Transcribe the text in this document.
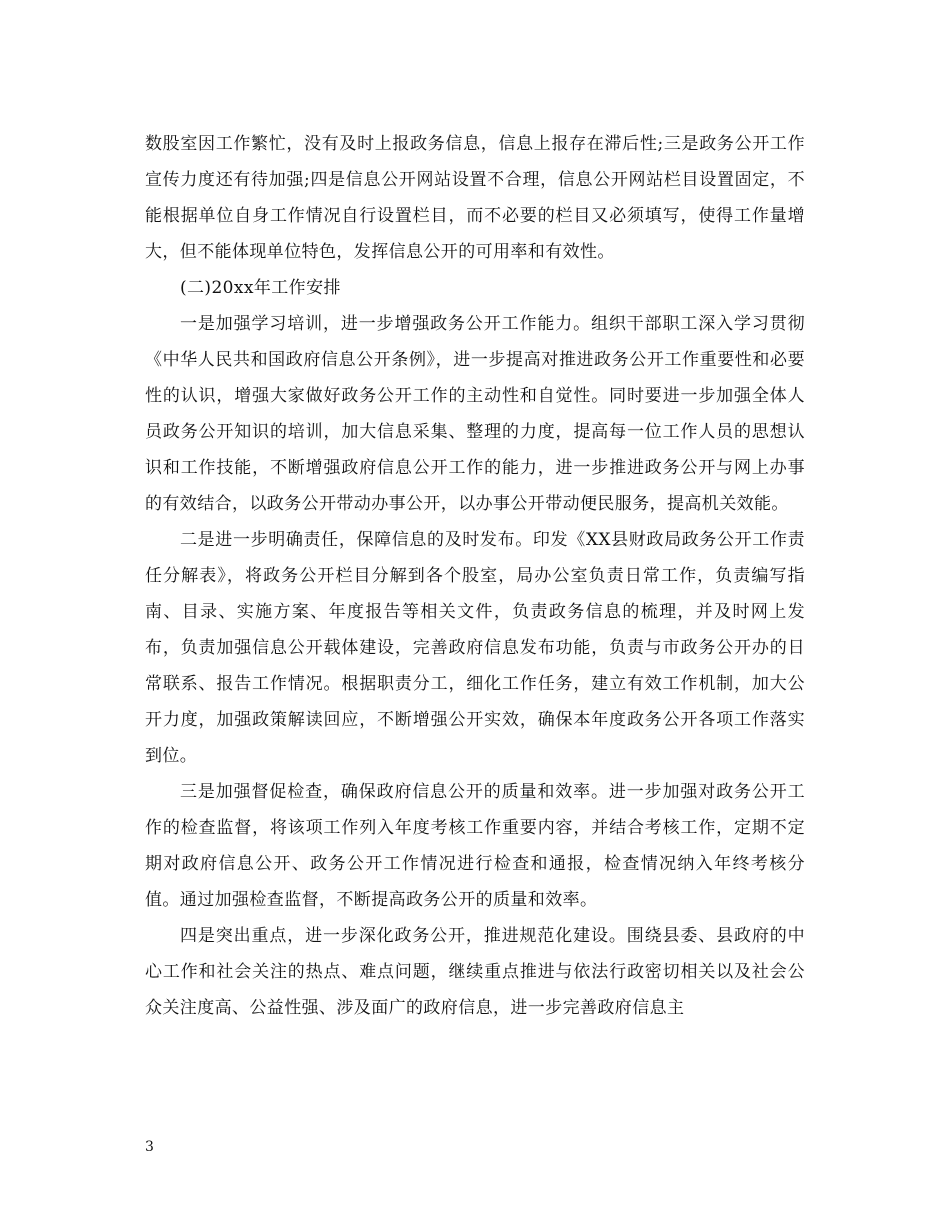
数股室因工作繁忙，没有及时上报政务信息，信息上报存在滞后性;三是政务公开工作宣传力度还有待加强;四是信息公开网站设置不合理，信息公开网站栏目设置固定，不能根据单位自身工作情况自行设置栏目，而不必要的栏目又必须填写，使得工作量增大，但不能体现单位特色，发挥信息公开的可用率和有效性。

(二)20xx年工作安排

一是加强学习培训，进一步增强政务公开工作能力。组织干部职工深入学习贯彻《中华人民共和国政府信息公开条例》，进一步提高对推进政务公开工作重要性和必要性的认识，增强大家做好政务公开工作的主动性和自觉性。同时要进一步加强全体人员政务公开知识的培训，加大信息采集、整理的力度，提高每一位工作人员的思想认识和工作技能，不断增强政府信息公开工作的能力，进一步推进政务公开与网上办事的有效结合，以政务公开带动办事公开，以办事公开带动便民服务，提高机关效能。

二是进一步明确责任，保障信息的及时发布。印发《XX县财政局政务公开工作责任分解表》，将政务公开栏目分解到各个股室，局办公室负责日常工作，负责编写指南、目录、实施方案、年度报告等相关文件，负责政务信息的梳理，并及时网上发布，负责加强信息公开载体建设，完善政府信息发布功能，负责与市政务公开办的日常联系、报告工作情况。根据职责分工，细化工作任务，建立有效工作机制，加大公开力度，加强政策解读回应，不断增强公开实效，确保本年度政务公开各项工作落实到位。

三是加强督促检查，确保政府信息公开的质量和效率。进一步加强对政务公开工作的检查监督，将该项工作列入年度考核工作重要内容，并结合考核工作，定期不定期对政府信息公开、政务公开工作情况进行检查和通报，检查情况纳入年终考核分值。通过加强检查监督，不断提高政务公开的质量和效率。

四是突出重点，进一步深化政务公开，推进规范化建设。围绕县委、县政府的中心工作和社会关注的热点、难点问题，继续重点推进与依法行政密切相关以及社会公众关注度高、公益性强、涉及面广的政府信息，进一步完善政府信息主

3
